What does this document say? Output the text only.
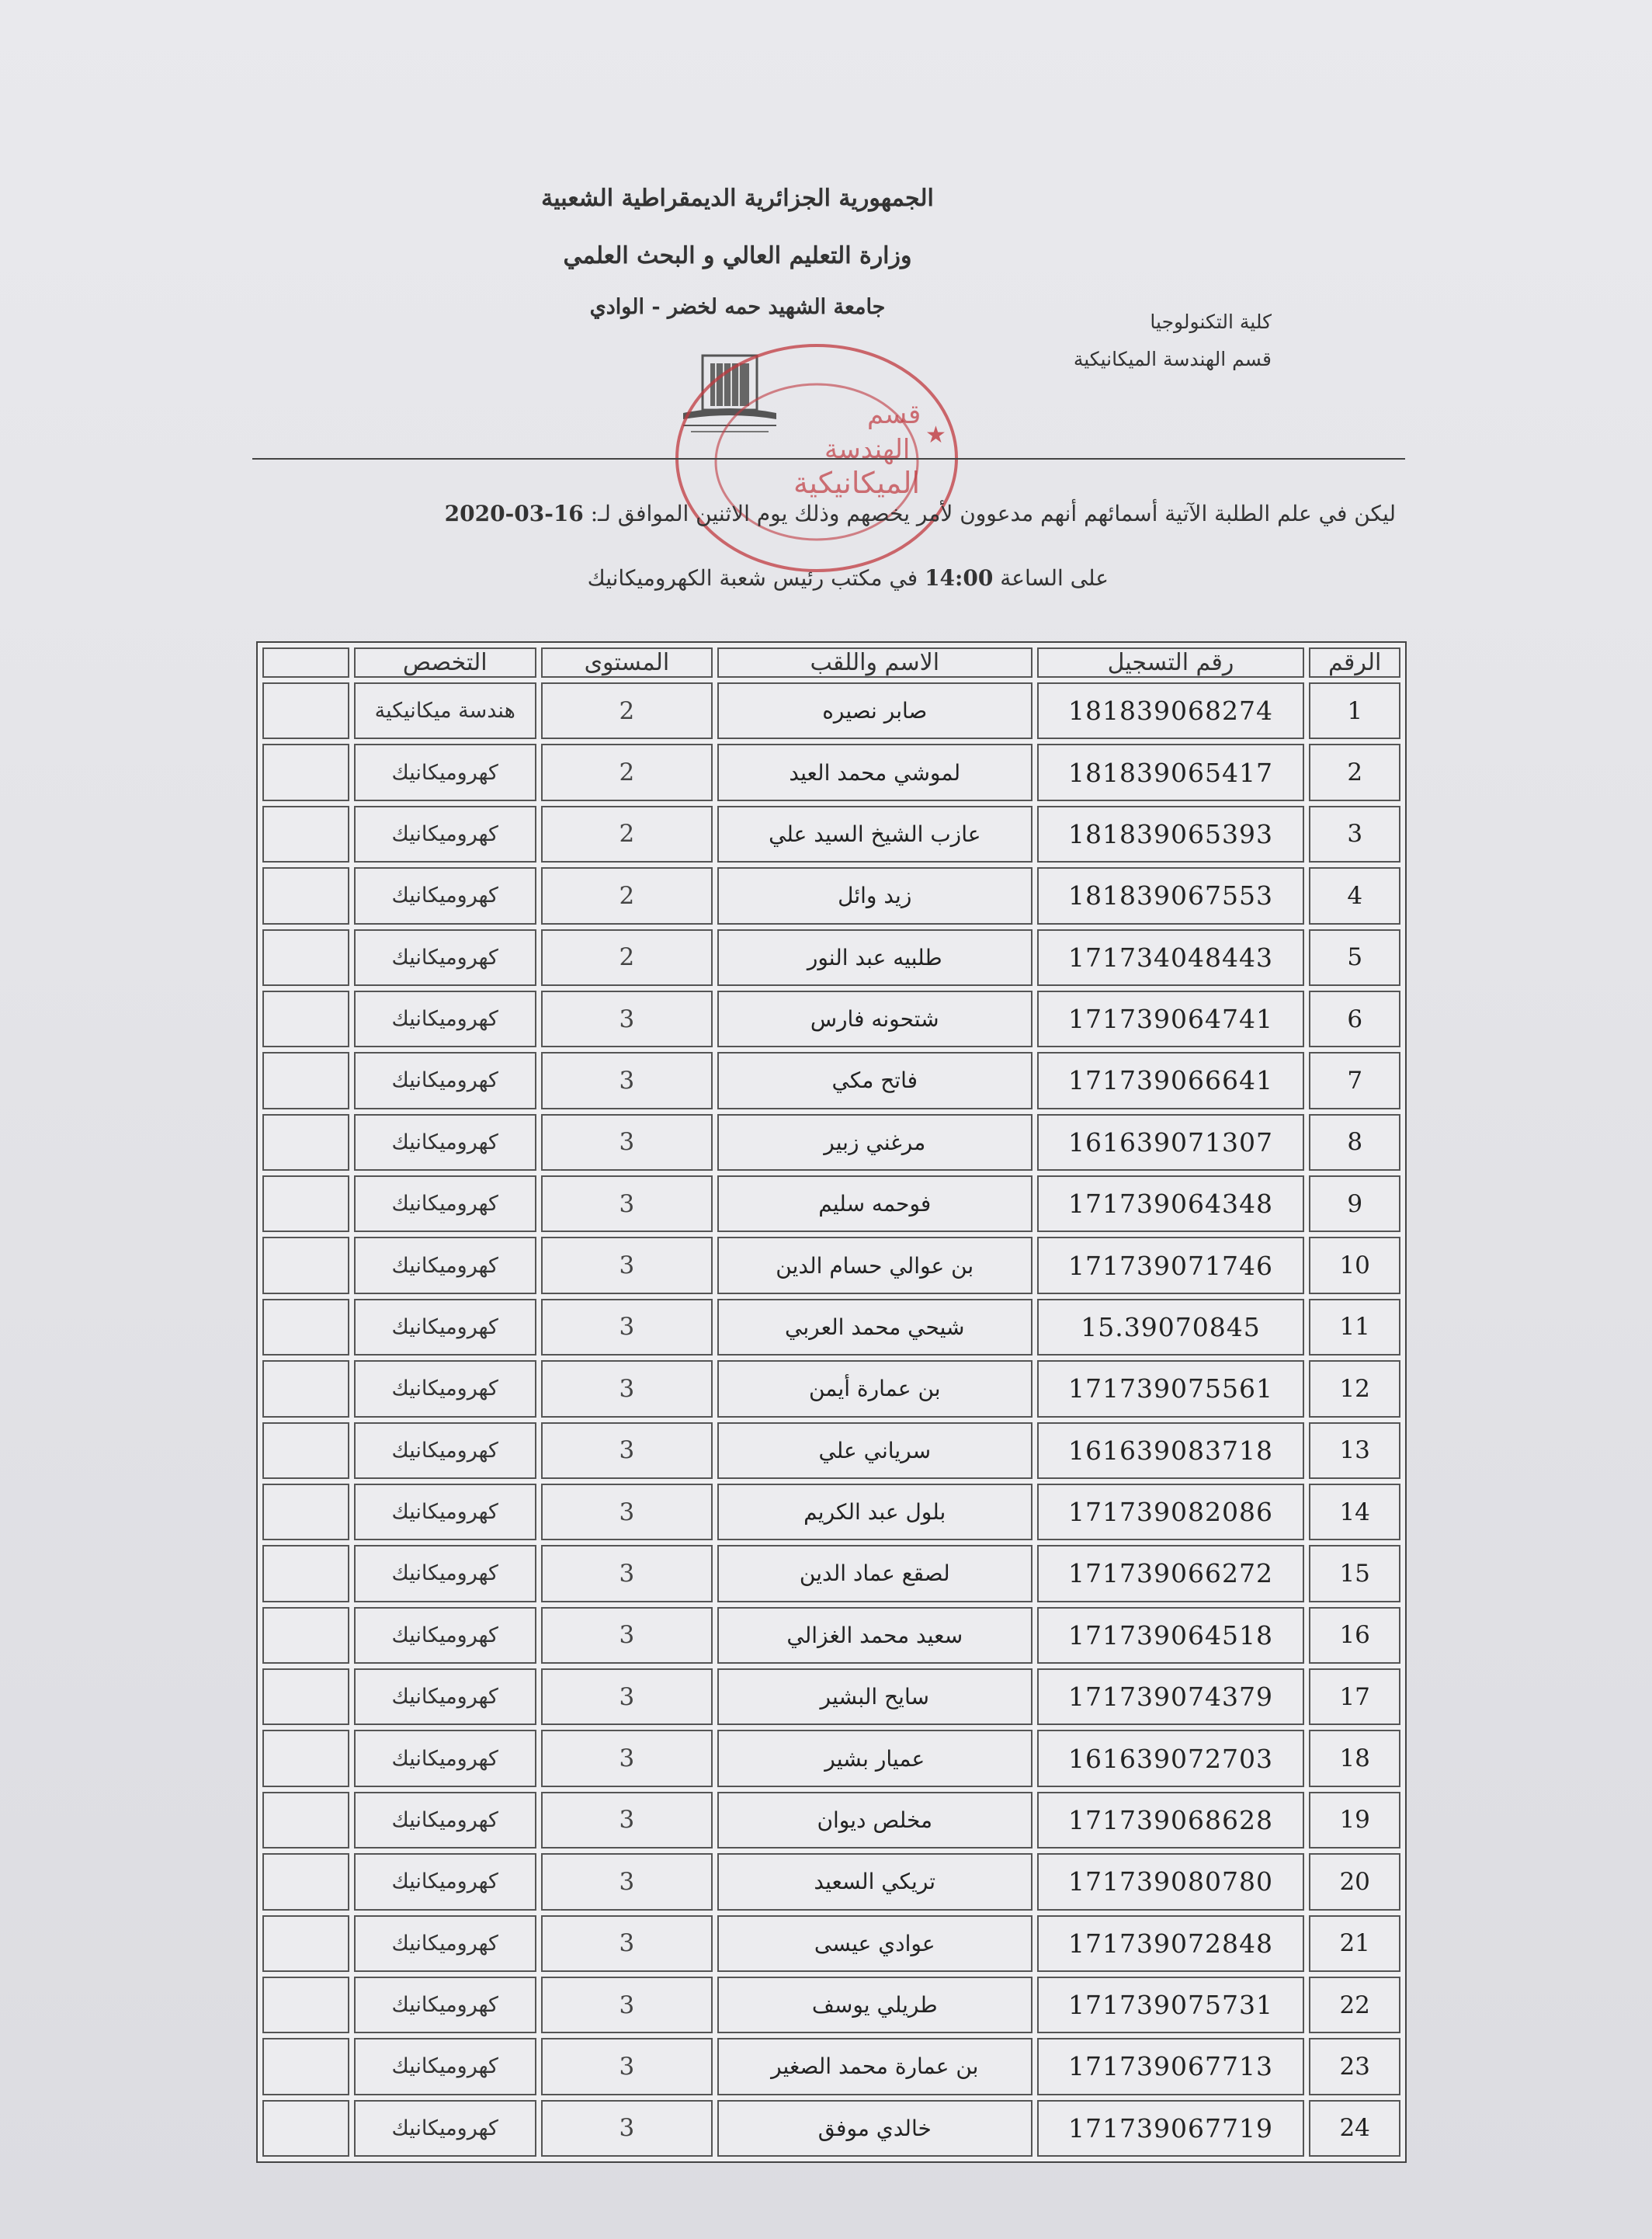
الجمهورية الجزائرية الديمقراطية الشعبية
وزارة التعليم العالي و البحث العلمي
جامعة الشهيد حمه لخضر - الوادي
كلية التكنولوجيا
قسم الهندسة الميكانيكية
قسم
الهندسة
الميكانيكية
★
ليكن في علم الطلبة الآتية أسمائهم أنهم مدعوون لأمر يخصهم وذلك يوم الاثنين الموافق لـ: 16-03-2020
على الساعة 14:00 في مكتب رئيس شعبة الكهروميكانيك
الرقم	رقم التسجيل	الاسم واللقب	المستوى	التخصص	
1	181839068274	صابر نصيره	2	هندسة ميكانيكية	
2	181839065417	لموشي محمد العيد	2	كهروميكانيك	
3	181839065393	عازب الشيخ السيد علي	2	كهروميكانيك	
4	181839067553	زيد وائل	2	كهروميكانيك	
5	171734048443	طلبيه عبد النور	2	كهروميكانيك	
6	171739064741	شتحونه فارس	3	كهروميكانيك	
7	171739066641	فاتح مكي	3	كهروميكانيك	
8	161639071307	مرغني زبير	3	كهروميكانيك	
9	171739064348	فوحمه سليم	3	كهروميكانيك	
10	171739071746	بن عوالي حسام الدين	3	كهروميكانيك	
11	15.39070845	شيحي محمد العربي	3	كهروميكانيك	
12	171739075561	بن عمارة أيمن	3	كهروميكانيك	
13	161639083718	سرياني علي	3	كهروميكانيك	
14	171739082086	بلول عبد الكريم	3	كهروميكانيك	
15	171739066272	لصقع عماد الدين	3	كهروميكانيك	
16	171739064518	سعيد محمد الغزالي	3	كهروميكانيك	
17	171739074379	سايح البشير	3	كهروميكانيك	
18	161639072703	عميار بشير	3	كهروميكانيك	
19	171739068628	مخلص ديوان	3	كهروميكانيك	
20	171739080780	تريكي السعيد	3	كهروميكانيك	
21	171739072848	عوادي عيسى	3	كهروميكانيك	
22	171739075731	طريلي يوسف	3	كهروميكانيك	
23	171739067713	بن عمارة محمد الصغير	3	كهروميكانيك	
24	171739067719	خالدي موفق	3	كهروميكانيك	
